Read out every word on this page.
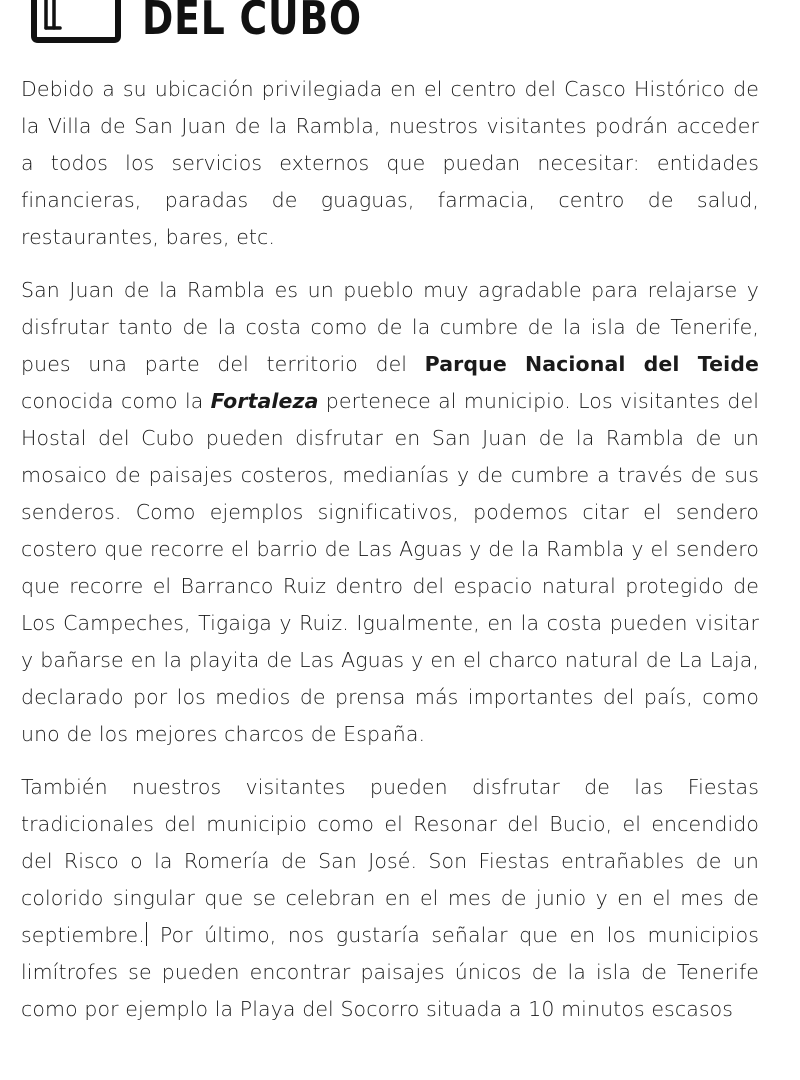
DEL CUBO

Debido a su ubicación privilegiada en el centro del Casco Histórico de la Villa de San Juan de la Rambla, nuestros visitantes podrán acceder a todos los servicios externos que puedan necesitar: entidades financieras, paradas de guaguas, farmacia, centro de salud, restaurantes, bares, etc.

San Juan de la Rambla es un pueblo muy agradable para relajarse y disfrutar tanto de la costa como de la cumbre de la isla de Tenerife, pues una parte del territorio del Parque Nacional del Teide conocida como la Fortaleza pertenece al municipio. Los visitantes del Hostal del Cubo pueden disfrutar en San Juan de la Rambla de un mosaico de paisajes costeros, medianías y de cumbre a través de sus senderos. Como ejemplos significativos, podemos citar el sendero costero que recorre el barrio de Las Aguas y de la Rambla y el sendero que recorre el Barranco Ruiz dentro del espacio natural protegido de Los Campeches, Tigaiga y Ruiz. Igualmente, en la costa pueden visitar y bañarse en la playita de Las Aguas y en el charco natural de La Laja, declarado por los medios de prensa más importantes del país, como uno de los mejores charcos de España.

También nuestros visitantes pueden disfrutar de las Fiestas tradicionales del municipio como el Resonar del Bucio, el encendido del Risco o la Romería de San José. Son Fiestas entrañables de un colorido singular que se celebran en el mes de junio y en el mes de septiembre. Por último, nos gustaría señalar que en los municipios limítrofes se pueden encontrar paisajes únicos de la isla de Tenerife como por ejemplo la Playa del Socorro situada a 10 minutos escasos
